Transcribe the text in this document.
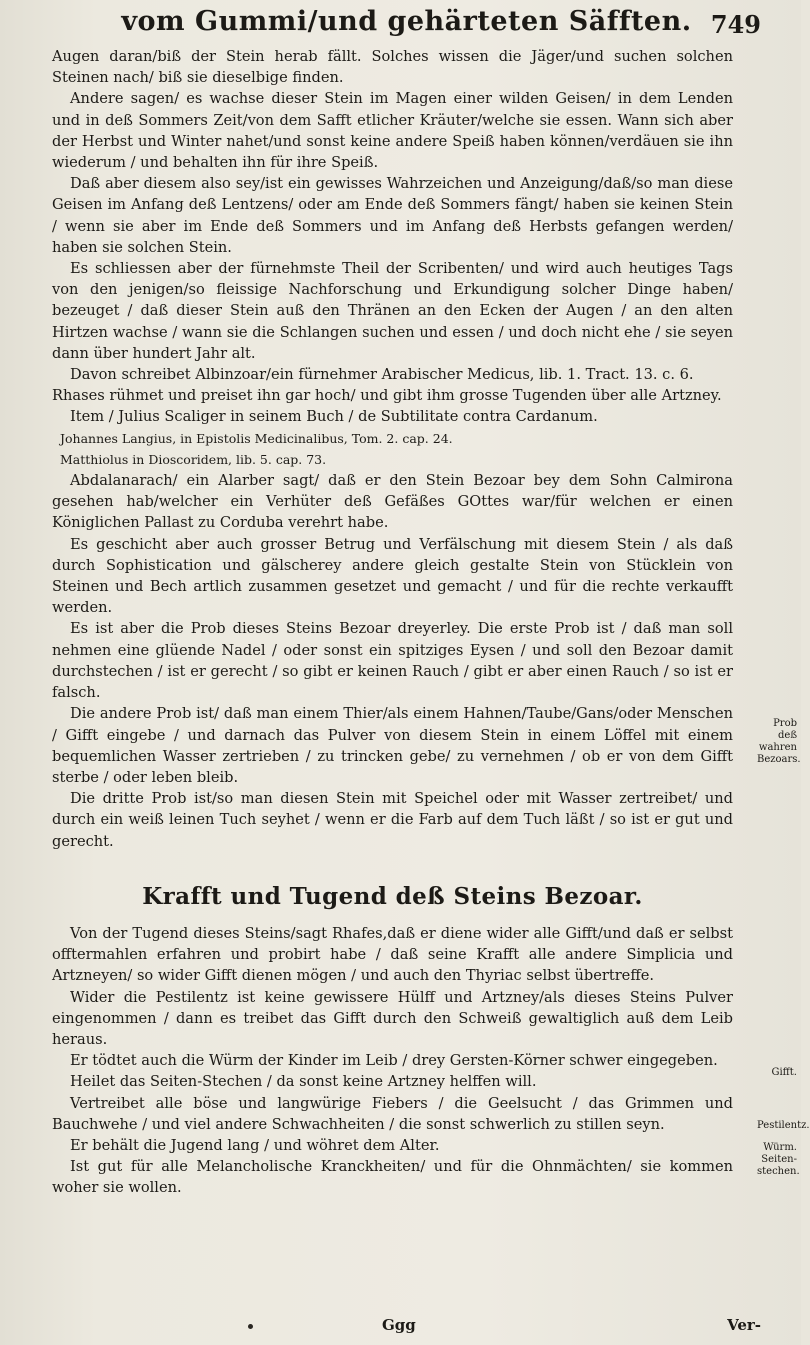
vom Gummi/und gehärteten Säfften. 749

Augen daran/biß der Stein herab fällt. Solches wissen die Jäger/und suchen solchen Steinen nach/ biß sie dieselbige finden.

Andere sagen/ es wachse dieser Stein im Magen einer wilden Geisen/ in dem Lenden und in deß Sommers Zeit/von dem Safft etlicher Kräuter/welche sie essen. Wann sich aber der Herbst und Winter nahet/und sonst keine andere Speiß haben können/verdäuen sie ihn wiederum / und behalten ihn für ihre Speiß.

Daß aber diesem also sey/ist ein gewisses Wahrzeichen und Anzeigung/daß/so man diese Geisen im Anfang deß Lentzens/ oder am Ende deß Sommers fängt/ haben sie keinen Stein / wenn sie aber im Ende deß Sommers und im Anfang deß Herbsts gefangen werden/ haben sie solchen Stein.

Es schliessen aber der fürnehmste Theil der Scribenten/ und wird auch heutiges Tags von den jenigen/so fleissige Nachforschung und Erkundigung solcher Dinge haben/ bezeuget / daß dieser Stein auß den Thränen an den Ecken der Augen / an den alten Hirtzen wachse / wann sie die Schlangen suchen und essen / und doch nicht ehe / sie seyen dann über hundert Jahr alt.

Davon schreibet Albinzoar/ein fürnehmer Arabischer Medicus, lib. 1. Tract. 13. c. 6.

Rhases rühmet und preiset ihn gar hoch/ und gibt ihm grosse Tugenden über alle Artzney.

Item / Julius Scaliger in seinem Buch / de Subtilitate contra Cardanum.

Johannes Langius, in Epistolis Medicinalibus, Tom. 2. cap. 24.

Matthiolus in Dioscoridem, lib. 5. cap. 73.

Abdalanarach/ ein Alarber sagt/ daß er den Stein Bezoar bey dem Sohn Calmirona gesehen hab/welcher ein Verhüter deß Gefäßes GOttes war/für welchen er einen Königlichen Pallast zu Corduba verehrt habe.

Es geschicht aber auch grosser Betrug und Verfälschung mit diesem Stein / als daß durch Sophistication und gälscherey andere gleich gestalte Stein von Stücklein von Steinen und Bech artlich zusammen gesetzet und gemacht / und für die rechte verkaufft werden.

Es ist aber die Prob dieses Steins Bezoar dreyerley. Die erste Prob ist / daß man soll nehmen eine glüende Nadel / oder sonst ein spitziges Eysen / und soll den Bezoar damit durchstechen / ist er gerecht / so gibt er keinen Rauch / gibt er aber einen Rauch / so ist er falsch.

Die andere Prob ist/ daß man einem Thier/als einem Hahnen/Taube/Gans/oder Menschen / Gifft eingebe / und darnach das Pulver von diesem Stein in einem Löffel mit einem bequemlichen Wasser zertrieben / zu trincken gebe/ zu vernehmen / ob er von dem Gifft sterbe / oder leben bleib.

Die dritte Prob ist/so man diesen Stein mit Speichel oder mit Wasser zertreibet/ und durch ein weiß leinen Tuch seyhet / wenn er die Farb auf dem Tuch läßt / so ist er gut und gerecht.

Krafft und Tugend deß Steins Bezoar.

Von der Tugend dieses Steins/sagt Rhafes,daß er diene wider alle Gifft/und daß er selbst offtermahlen erfahren und probirt habe / daß seine Krafft alle andere Simplicia und Artzneyen/ so wider Gifft dienen mögen / und auch den Thyriac selbst übertreffe.

Wider die Pestilentz ist keine gewissere Hülff und Artzney/als dieses Steins Pulver eingenommen / dann es treibet das Gifft durch den Schweiß gewaltiglich auß dem Leib heraus.

Er tödtet auch die Würm der Kinder im Leib / drey Gersten-Körner schwer eingegeben.

Heilet das Seiten-Stechen / da sonst keine Artzney helffen will.

Vertreibet alle böse und langwürige Fiebers / die Geelsucht / das Grimmen und Bauchwehe / und viel andere Schwachheiten / die sonst schwerlich zu stillen seyn.

Er behält die Jugend lang / und wöhret dem Alter.

Ist gut für alle Melancholische Kranckheiten/ und für die Ohnmächten/ sie kommen woher sie wollen.

Prob deß wahren Bezoars.
Gifft.
Pestilentz.
Würm. Seiten-stechen.
Ggg	Ver-
